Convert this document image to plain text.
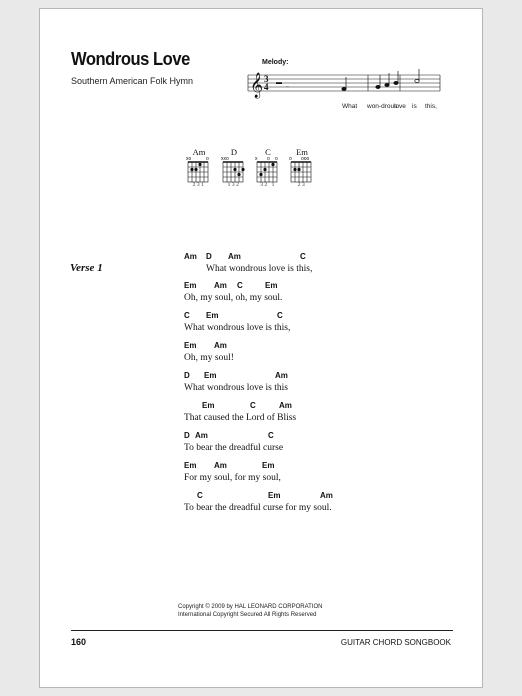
Wondrous Love
Southern American Folk Hymn
Melody:
𝄞 3
4	–
What won-drous
love is this,
Am
xo	o
231
D
xxo
132
C
x o o
32 1
Em
o ooo
23
Verse 1
Am D Am	C
What wondrous love is this,
Em Am C	Em
Oh, my soul, oh, my soul.
C Em	C
What wondrous love is this,
Em Am
Oh, my soul!
D Em	Am
What wondrous love is this
Em	C	Am
That caused the Lord of Bliss
D Am	C
To bear the dreadful curse
Em Am	Em
For my soul, for my soul,
C	Em	Am
To bear the dreadful curse for my soul.
Copyright © 2009 by HAL LEONARD CORPORATION
International Copyright Secured All Rights Reserved
160	GUITAR CHORD SONGBOOK
